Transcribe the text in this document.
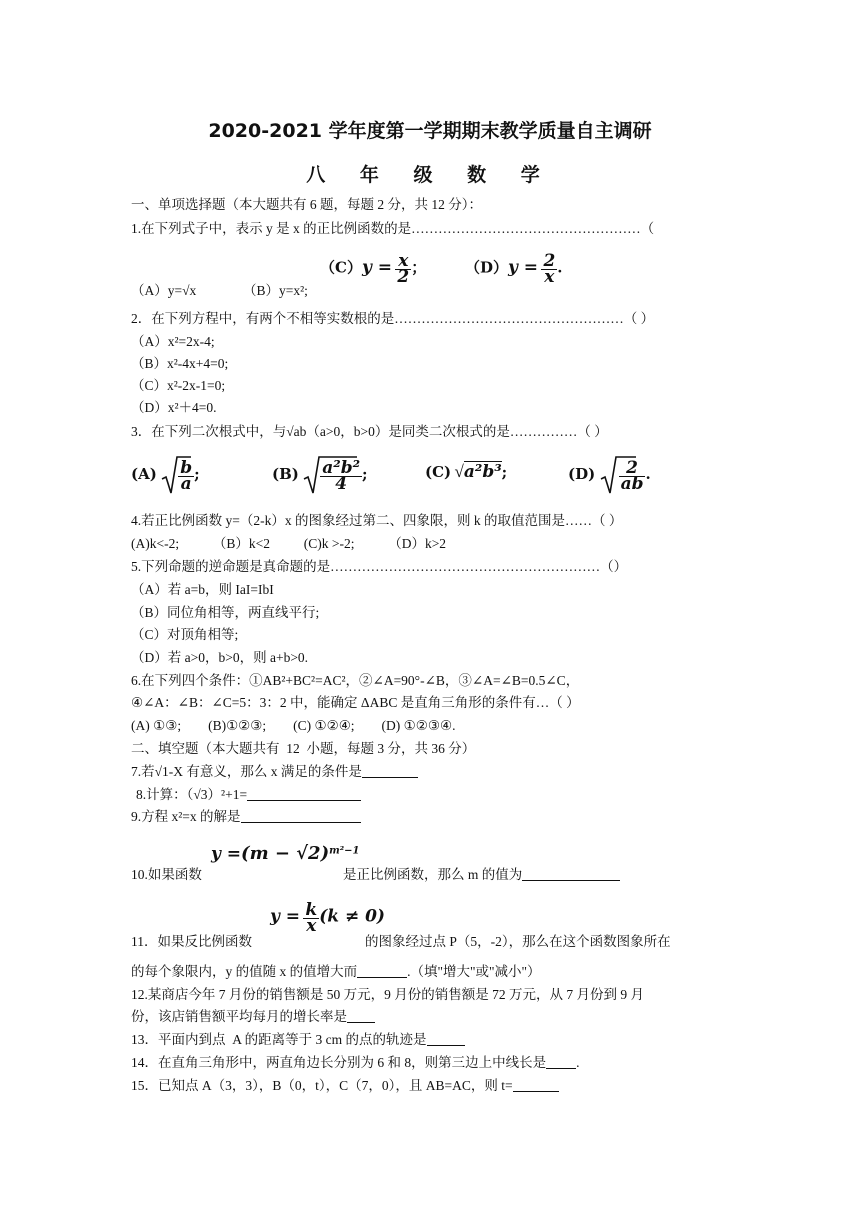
2020-2021 学年度第一学期期末教学质量自主调研
八 年 级 数 学
一、单项选择题（本大题共有 6 题，每题 2 分，共 12 分）：
1.在下列式子中，表示 y 是 x 的正比例函数的是……………………………………………（
（A）y=√x	（B）y=x²;
$(C)y = \frac{x}{2}$ ；	$(D)y = \frac{2}{x}$ .
2．在下列方程中，有两个不相等实数根的是……………………………………………（ ）
（A）x²=2x-4;
（B）x²-4x+4=0;
（C）x²-2x-1=0;
（D）x²＋4=0.
3．在下列二次根式中，与√ab（a>0，b>0）是同类二次根式的是……………（ ）
$(A) \frac{b}{a}$ ;	$(B) \frac{\text{a²b²}}{4}$ ;	(C) √a²b³;	$(D) \frac{2}{ab}$ .
4.若正比例函数 y=（2-k）x 的图象经过第二、四象限，则 k 的取值范围是……（ ）
(A)k<-2;          （B）k<2          (C)k >-2;          （D）k>2
5.下列命题的逆命题是真命题的是……………………………………………………（）
（A）若 a=b，则 IaI=IbI
（B）同位角相等，两直线平行;
（C）对顶角相等;
（D）若 a>0，b>0，则 a+b>0.
6.在下列四个条件：①AB²+BC²=AC²，②∠A=90°-∠B，③∠A=∠B=0.5∠C，
④∠A：∠B：∠C=5：3：2 中，能确定 ΔABC 是直角三角形的条件有…（ ）
(A) ①③;        (B)①②③;        (C) ①②④;        (D) ①②③④.
二、填空题（本大题共有  12  小题，每题 3 分，共 36 分）
7.若√1-X 有意义，那么 x 满足的条件是
8.计算：（√3）²+1=
9.方程 x²=x 的解是
10.如果函数
$y =(m - √2)^{m^2-1}$
是正比例函数，那么 m 的值为
11．如果反比例函数
$y = \frac{k}{x} (k \ne 0)$
的图象经过点 P（5，-2），那么在这个函数图象所在
的每个象限内，y 的值随 x 的值增大而	.（填"增大"或"减小"）
12.某商店今年 7 月份的销售额是 50 万元，9 月份的销售额是 72 万元，从 7 月份到 9 月
份，该店销售额平均每月的增长率是
13．平面内到点  A 的距离等于 3 cm 的点的轨迹是
14．在直角三角形中，两直角边长分别为 6 和 8，则第三边上中线长是 .
15．已知点 A（3，3），B（0，t），C（7，0），且 AB=AC，则 t=
